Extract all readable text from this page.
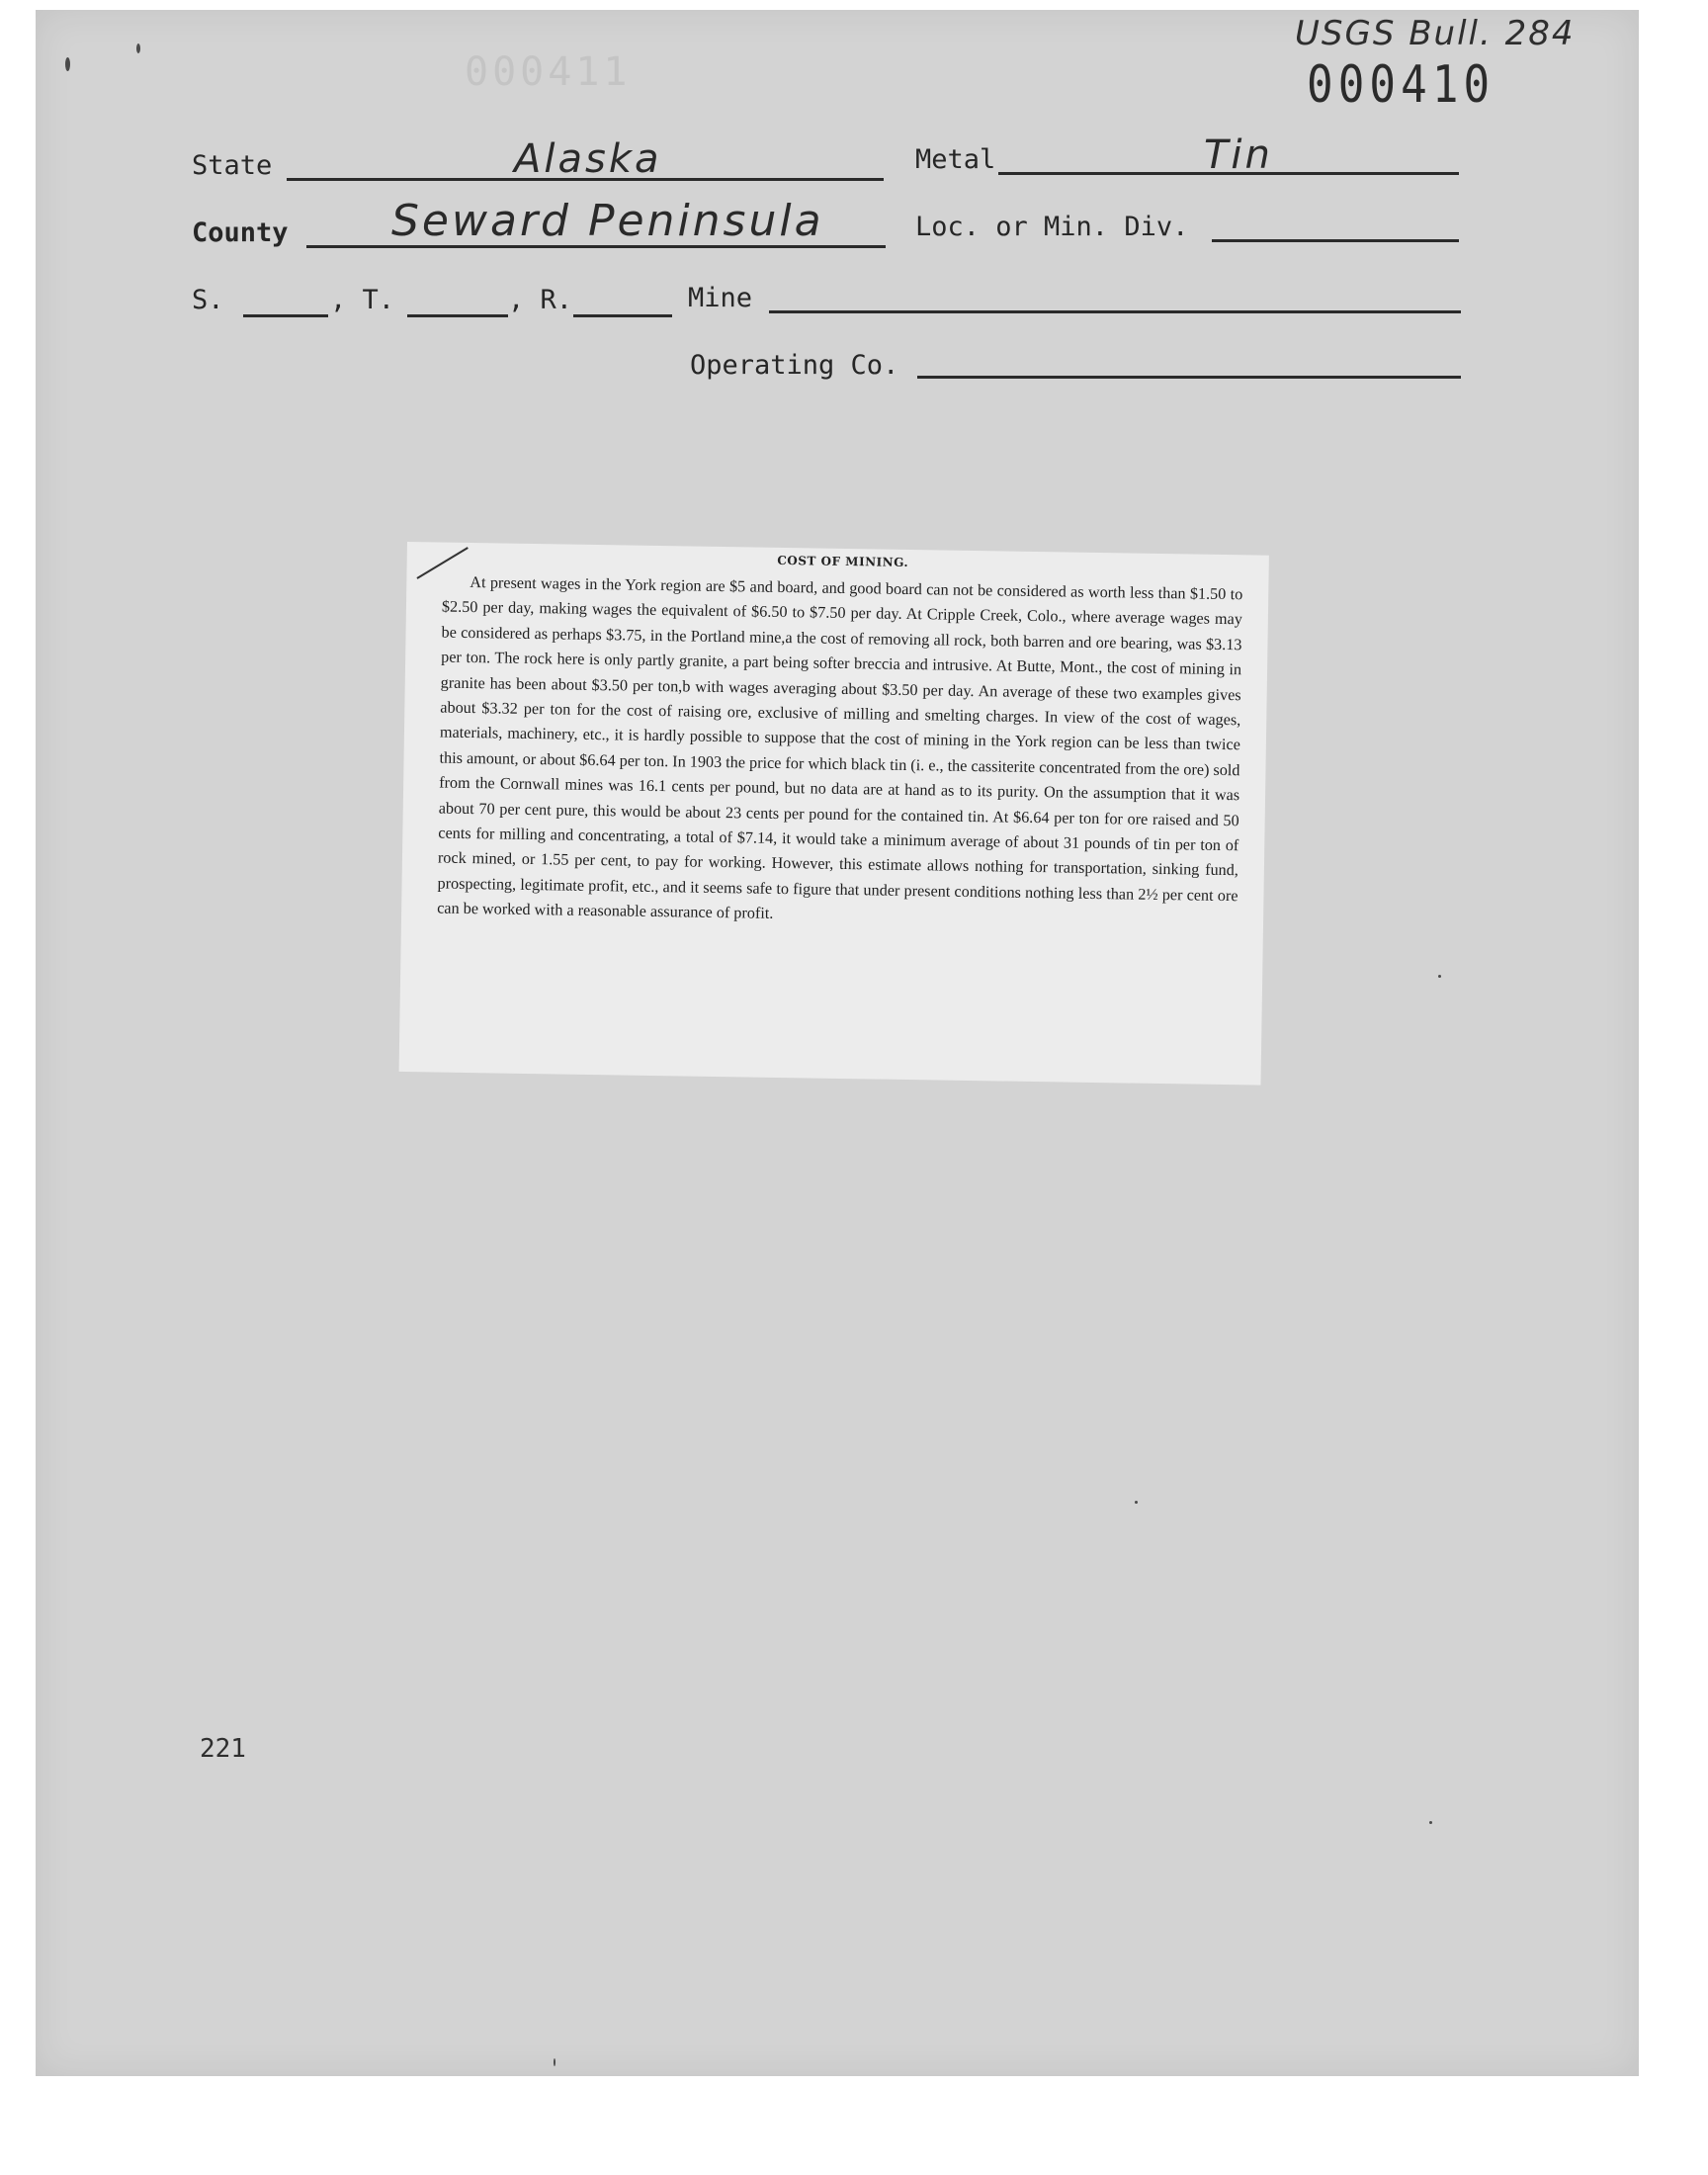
000411
USGS Bull. 284
000410
State	Alaska	Metal	Tin
County Seward Peninsula	Loc. or Min. Div.
S.	, T.	, R.	Mine
Operating Co.
COST OF MINING.

At present wages in the York region are $5 and board, and good board can not be considered as worth less than $1.50 to $2.50 per day, making wages the equivalent of $6.50 to $7.50 per day. At Cripple Creek, Colo., where average wages may be considered as perhaps $3.75, in the Portland mine,a the cost of removing all rock, both barren and ore bearing, was $3.13 per ton. The rock here is only partly granite, a part being softer breccia and intrusive. At Butte, Mont., the cost of mining in granite has been about $3.50 per ton,b with wages averaging about $3.50 per day. An average of these two examples gives about $3.32 per ton for the cost of raising ore, exclusive of milling and smelting charges. In view of the cost of wages, materials, machinery, etc., it is hardly possible to suppose that the cost of mining in the York region can be less than twice this amount, or about $6.64 per ton. In 1903 the price for which black tin (i. e., the cassiterite concentrated from the ore) sold from the Cornwall mines was 16.1 cents per pound, but no data are at hand as to its purity. On the assumption that it was about 70 per cent pure, this would be about 23 cents per pound for the contained tin. At $6.64 per ton for ore raised and 50 cents for milling and concentrating, a total of $7.14, it would take a minimum average of about 31 pounds of tin per ton of rock mined, or 1.55 per cent, to pay for working. However, this estimate allows nothing for transportation, sinking fund, prospecting, legitimate profit, etc., and it seems safe to figure that under present conditions nothing less than 2½ per cent ore can be worked with a reasonable assurance of profit.

221
